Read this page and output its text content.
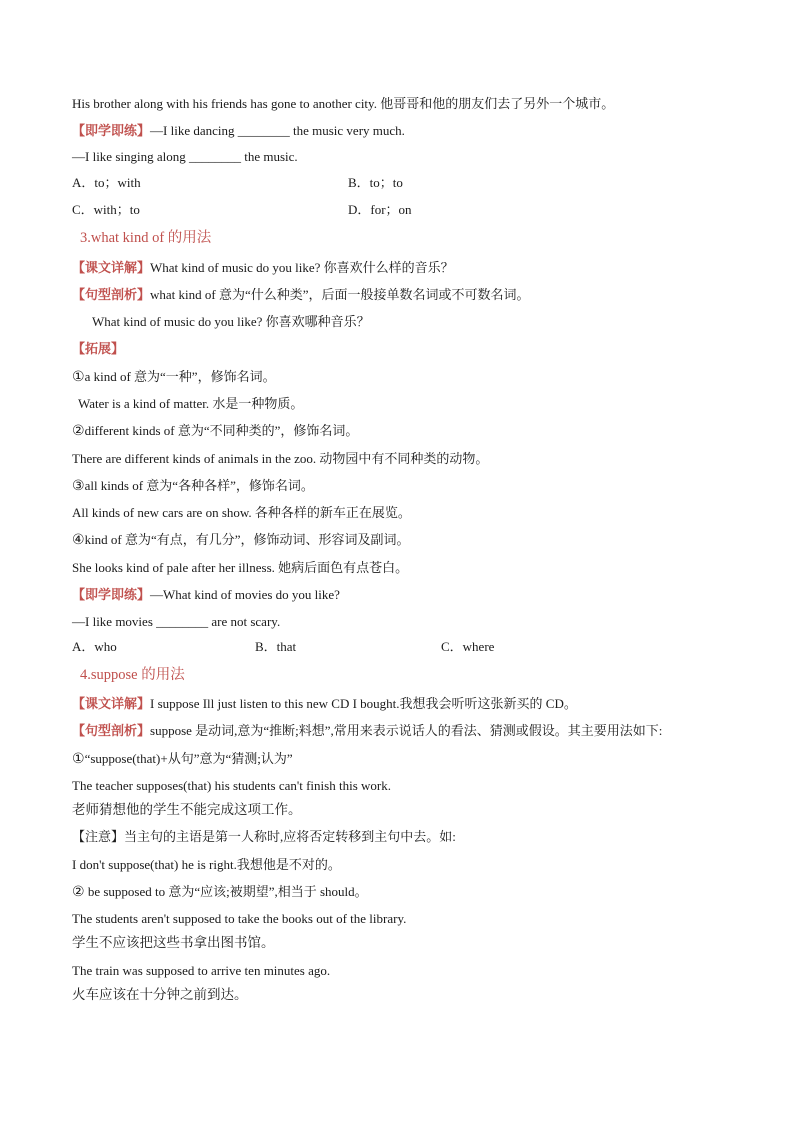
His brother along with his friends has gone to another city. 他哥哥和他的朋友们去了另外一个城市。
【即学即练】—I like dancing ________ the music very much.
—I like singing along ________ the music.
A．to；with	B．to；to
C．with；to	D．for；on
3.what kind of 的用法
【课文详解】What kind of music do you like? 你喜欢什么样的音乐？
【句型剖析】what kind of 意为“什么种类”，后面一般接单数名词或不可数名词。
What kind of music do you like? 你喜欢哪种音乐？
【拓展】
①a kind of 意为“一种”，修饰名词。
Water is a kind of matter. 水是一种物质。
②different kinds of 意为“不同种类的”，修饰名词。
There are different kinds of animals in the zoo. 动物园中有不同种类的动物。
③all kinds of 意为“各种各样”，修饰名词。
All kinds of new cars are on show. 各种各样的新车正在展览。
④kind of 意为“有点，有几分”，修饰动词、形容词及副词。
She looks kind of pale after her illness. 她病后面色有点苍白。
【即学即练】—What kind of movies do you like?
—I like movies ________ are not scary.
A．who	B．that	C．where
4.suppose 的用法
【课文详解】I suppose Ill just listen to this new CD I bought.我想我会听听这张新买的 CD。
【句型剖析】suppose 是动词,意为“推断;料想”,常用来表示说话人的看法、猜测或假设。其主要用法如下:
①“suppose(that)+从句”意为“猜测;认为”
The teacher supposes(that) his students can't finish this work.
老师猜想他的学生不能完成这项工作。
【注意】当主句的主语是第一人称时,应将否定转移到主句中去。如:
I don't suppose(that) he is right.我想他是不对的。
② be supposed to 意为“应该;被期望”,相当于 should。
The students aren't supposed to take the books out of the library.
学生不应该把这些书拿出图书馆。
The train was supposed to arrive ten minutes ago.
火车应该在十分钟之前到达。
